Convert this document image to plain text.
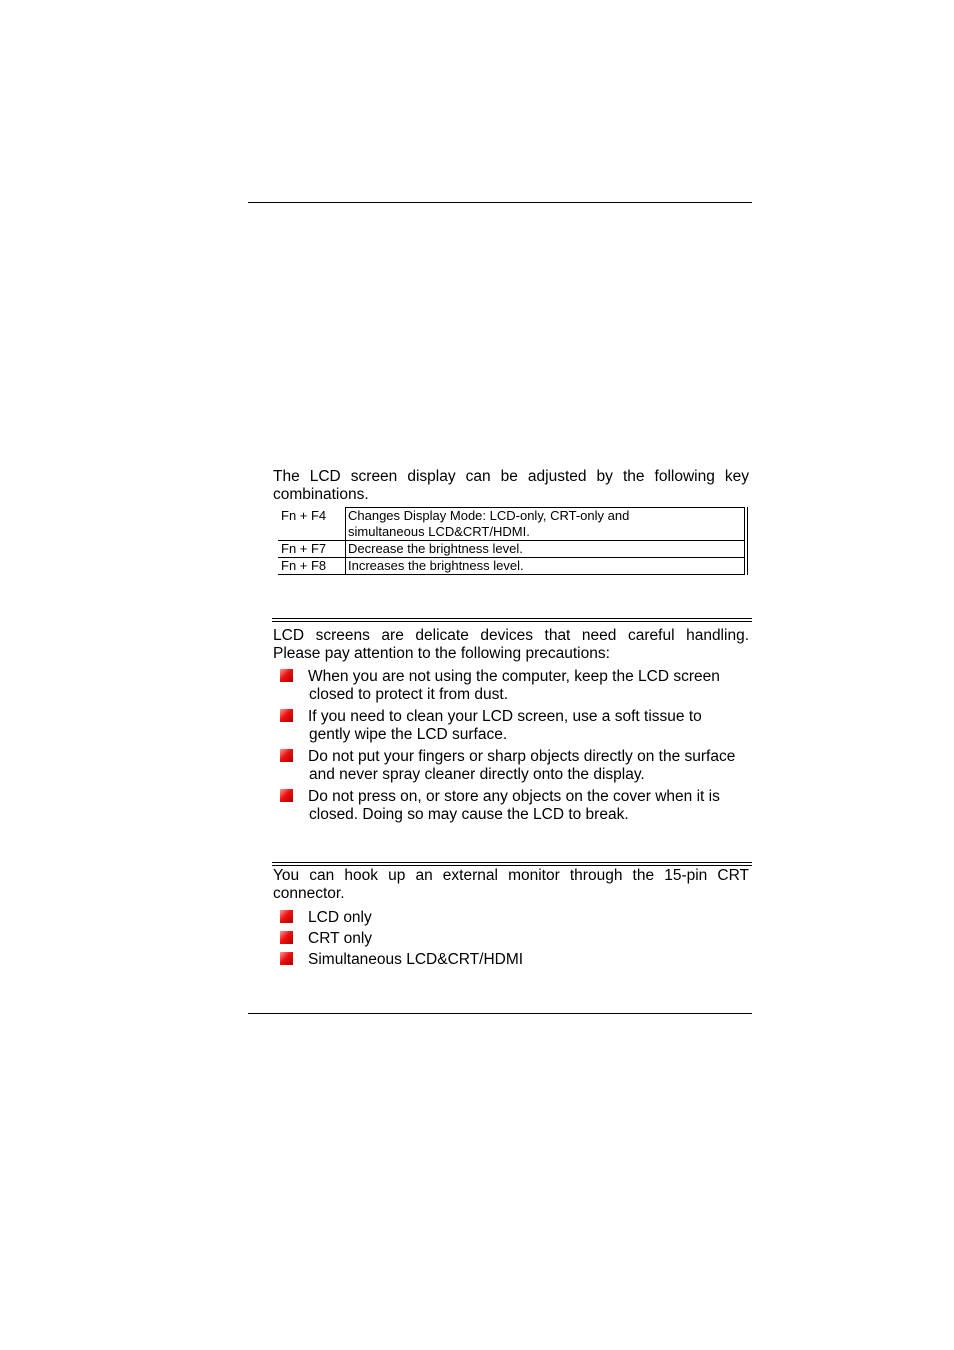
The LCD screen display can be adjusted by the following key combinations.
Fn + F4	Changes Display Mode: LCD-only, CRT-only and
simultaneous LCD&CRT/HDMI.

Fn + F7	Decrease the brightness level.
Fn + F8	Increases the brightness level.
LCD screens are delicate devices that need careful handling.
Please pay attention to the following precautions:
When you are not using the computer, keep the LCD screen
closed to protect it from dust.
If you need to clean your LCD screen, use a soft tissue to
gently wipe the LCD surface.
Do not put your fingers or sharp objects directly on the surface
and never spray cleaner directly onto the display.
Do not press on, or store any objects on the cover when it is
closed. Doing so may cause the LCD to break.
You can hook up an external monitor through the 15-pin CRT
connector.
LCD only
CRT only
Simultaneous LCD&CRT/HDMI
